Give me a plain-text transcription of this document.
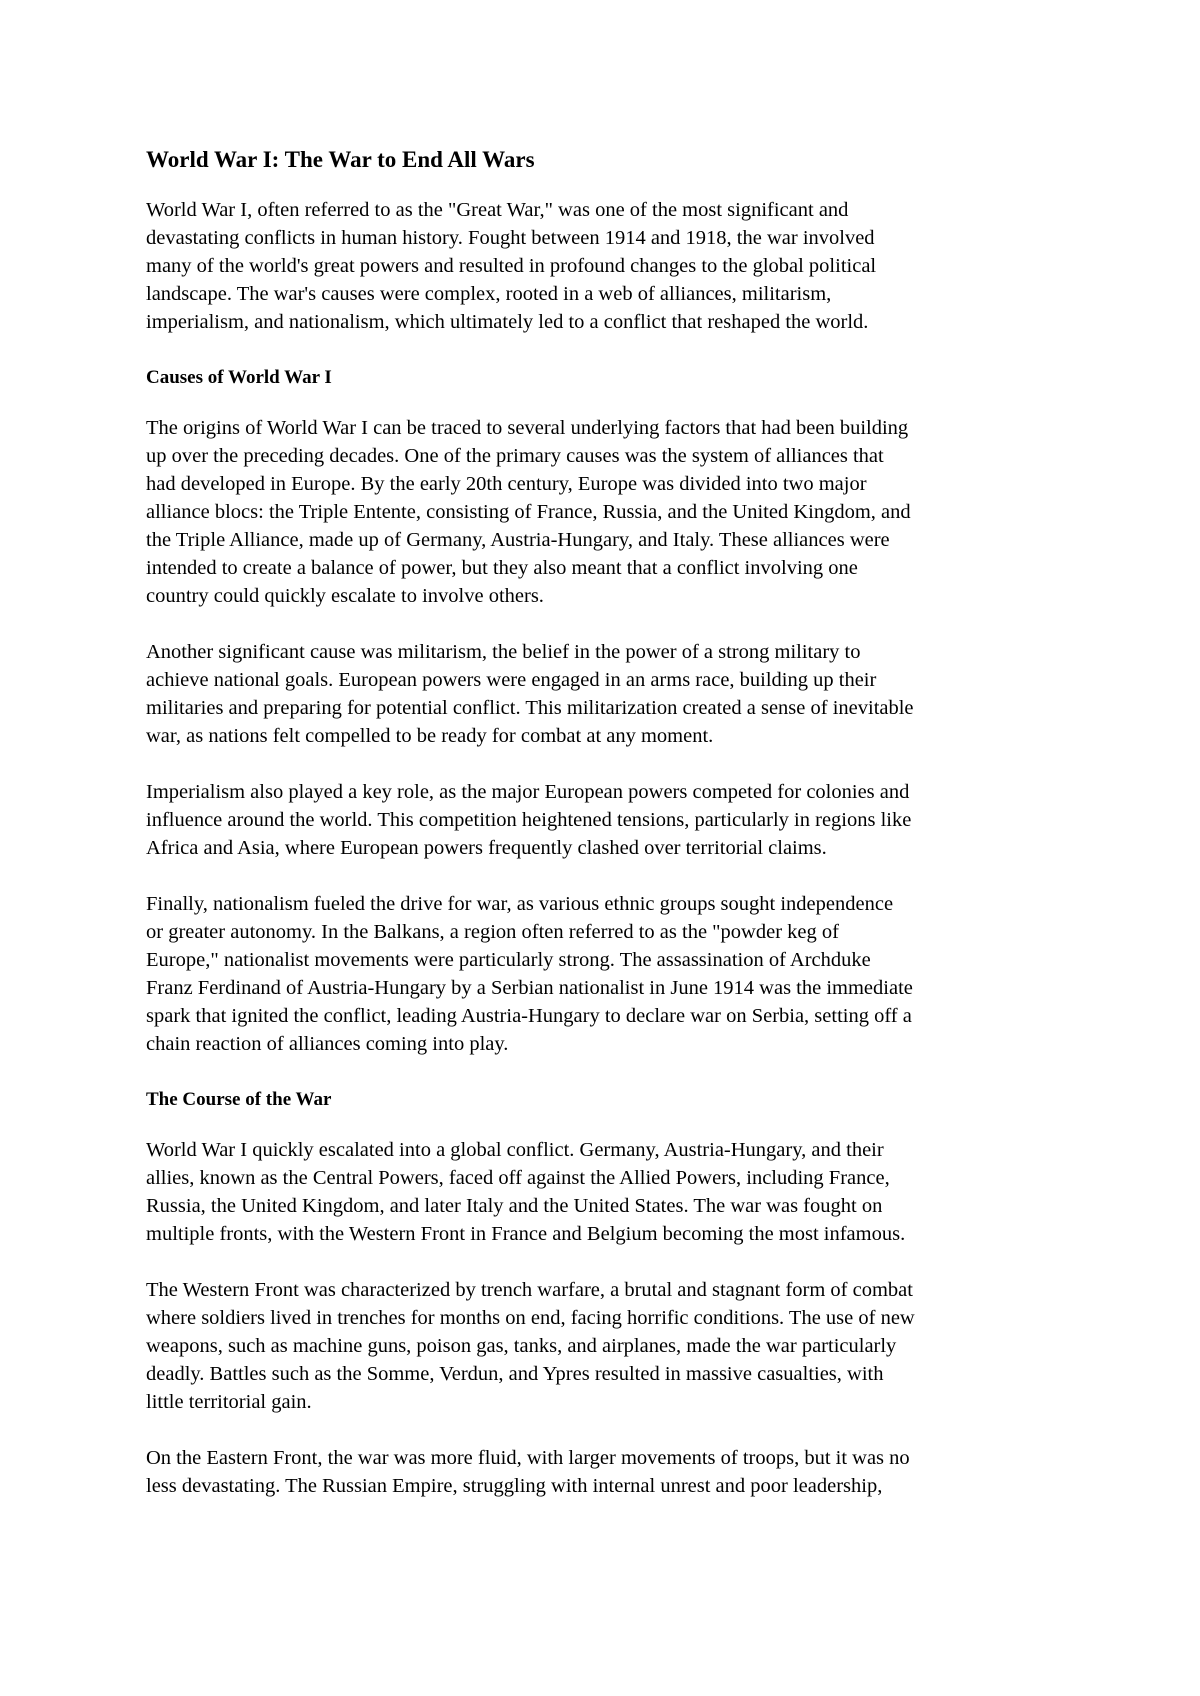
World War I: The War to End All Wars

World War I, often referred to as the "Great War," was one of the most significant and
devastating conflicts in human history. Fought between 1914 and 1918, the war involved
many of the world's great powers and resulted in profound changes to the global political
landscape. The war's causes were complex, rooted in a web of alliances, militarism,
imperialism, and nationalism, which ultimately led to a conflict that reshaped the world.

Causes of World War I

The origins of World War I can be traced to several underlying factors that had been building
up over the preceding decades. One of the primary causes was the system of alliances that
had developed in Europe. By the early 20th century, Europe was divided into two major
alliance blocs: the Triple Entente, consisting of France, Russia, and the United Kingdom, and
the Triple Alliance, made up of Germany, Austria-Hungary, and Italy. These alliances were
intended to create a balance of power, but they also meant that a conflict involving one
country could quickly escalate to involve others.

Another significant cause was militarism, the belief in the power of a strong military to
achieve national goals. European powers were engaged in an arms race, building up their
militaries and preparing for potential conflict. This militarization created a sense of inevitable
war, as nations felt compelled to be ready for combat at any moment.

Imperialism also played a key role, as the major European powers competed for colonies and
influence around the world. This competition heightened tensions, particularly in regions like
Africa and Asia, where European powers frequently clashed over territorial claims.

Finally, nationalism fueled the drive for war, as various ethnic groups sought independence
or greater autonomy. In the Balkans, a region often referred to as the "powder keg of
Europe," nationalist movements were particularly strong. The assassination of Archduke
Franz Ferdinand of Austria-Hungary by a Serbian nationalist in June 1914 was the immediate
spark that ignited the conflict, leading Austria-Hungary to declare war on Serbia, setting off a
chain reaction of alliances coming into play.

The Course of the War

World War I quickly escalated into a global conflict. Germany, Austria-Hungary, and their
allies, known as the Central Powers, faced off against the Allied Powers, including France,
Russia, the United Kingdom, and later Italy and the United States. The war was fought on
multiple fronts, with the Western Front in France and Belgium becoming the most infamous.

The Western Front was characterized by trench warfare, a brutal and stagnant form of combat
where soldiers lived in trenches for months on end, facing horrific conditions. The use of new
weapons, such as machine guns, poison gas, tanks, and airplanes, made the war particularly
deadly. Battles such as the Somme, Verdun, and Ypres resulted in massive casualties, with
little territorial gain.

On the Eastern Front, the war was more fluid, with larger movements of troops, but it was no
less devastating. The Russian Empire, struggling with internal unrest and poor leadership,
